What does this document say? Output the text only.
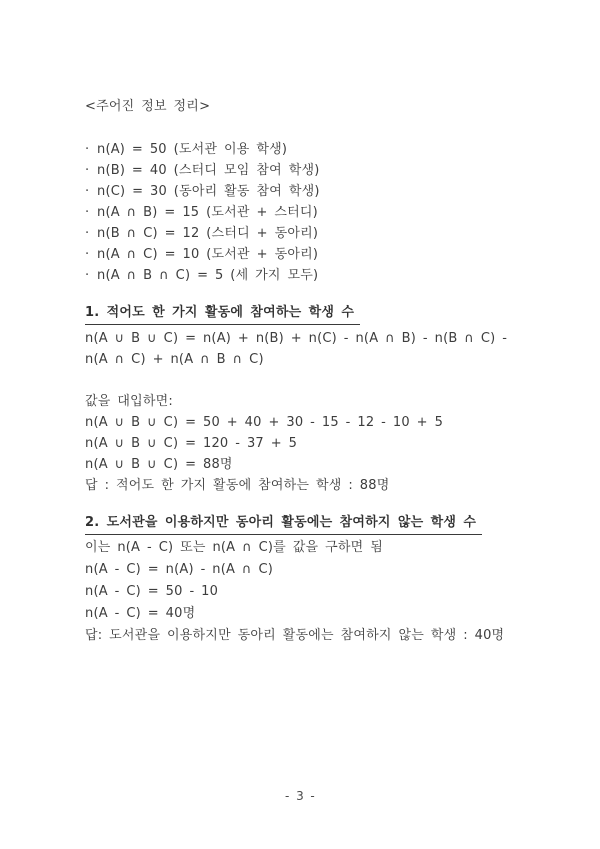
<주어진 정보 정리>
· n(A) = 50 (도서관 이용 학생)
· n(B) = 40 (스터디 모임 참여 학생)
· n(C) = 30 (동아리 활동 참여 학생)
· n(A ∩ B) = 15 (도서관 + 스터디)
· n(B ∩ C) = 12 (스터디 + 동아리)
· n(A ∩ C) = 10 (도서관 + 동아리)
· n(A ∩ B ∩ C) = 5 (세 가지 모두)
1. 적어도 한 가지 활동에 참여하는 학생 수
n(A ∪ B ∪ C) = n(A) + n(B) + n(C) - n(A ∩ B) - n(B ∩ C) -
n(A ∩ C) + n(A ∩ B ∩ C)
값을 대입하면:
n(A ∪ B ∪ C) = 50 + 40 + 30 - 15 - 12 - 10 + 5
n(A ∪ B ∪ C) = 120 - 37 + 5
n(A ∪ B ∪ C) = 88명
답 : 적어도 한 가지 활동에 참여하는 학생 : 88명
2. 도서관을 이용하지만 동아리 활동에는 참여하지 않는 학생 수
이는 n(A - C) 또는 n(A ∩ C)를 값을 구하면 됨
n(A - C) = n(A) - n(A ∩ C)
n(A - C) = 50 - 10
n(A - C) = 40명
답: 도서관을 이용하지만 동아리 활동에는 참여하지 않는 학생 : 40명
- 3 -
